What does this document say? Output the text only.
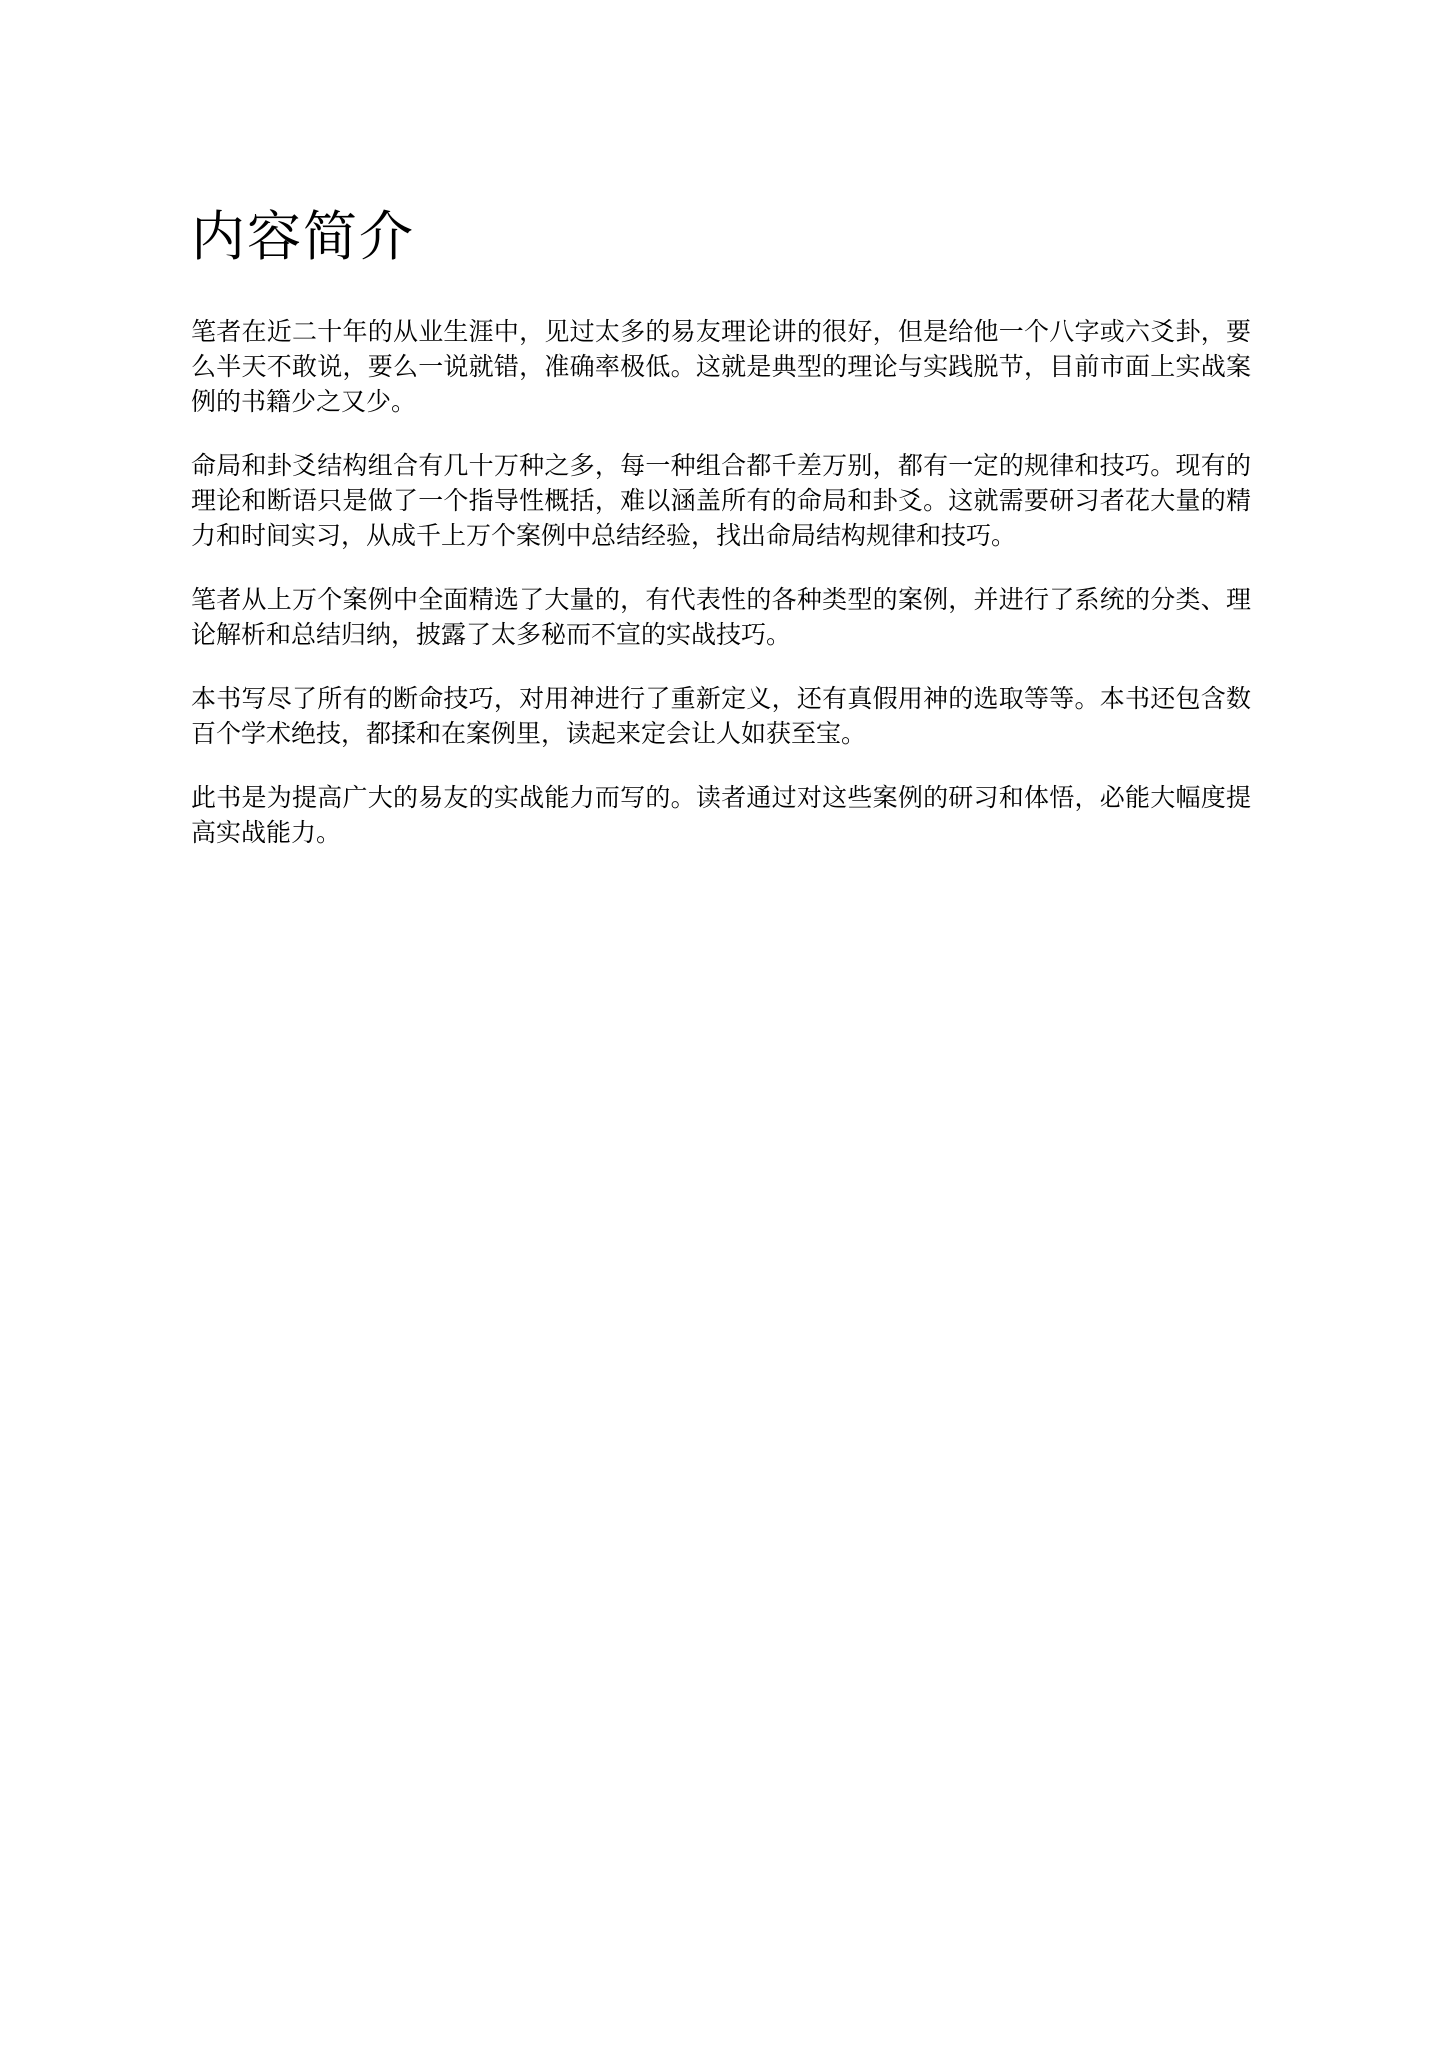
内容简介

笔者在近二十年的从业生涯中，见过太多的易友理论讲的很好，但是给他一个八字或六爻卦，要么半天不敢说，要么一说就错，准确率极低。这就是典型的理论与实践脱节，目前市面上实战案例的书籍少之又少。

命局和卦爻结构组合有几十万种之多，每一种组合都千差万别，都有一定的规律和技巧。现有的理论和断语只是做了一个指导性概括，难以涵盖所有的命局和卦爻。这就需要研习者花大量的精力和时间实习，从成千上万个案例中总结经验，找出命局结构规律和技巧。

笔者从上万个案例中全面精选了大量的，有代表性的各种类型的案例，并进行了系统的分类、理论解析和总结归纳，披露了太多秘而不宣的实战技巧。

本书写尽了所有的断命技巧，对用神进行了重新定义，还有真假用神的选取等等。本书还包含数百个学术绝技，都揉和在案例里，读起来定会让人如获至宝。

此书是为提高广大的易友的实战能力而写的。读者通过对这些案例的研习和体悟，必能大幅度提高实战能力。
